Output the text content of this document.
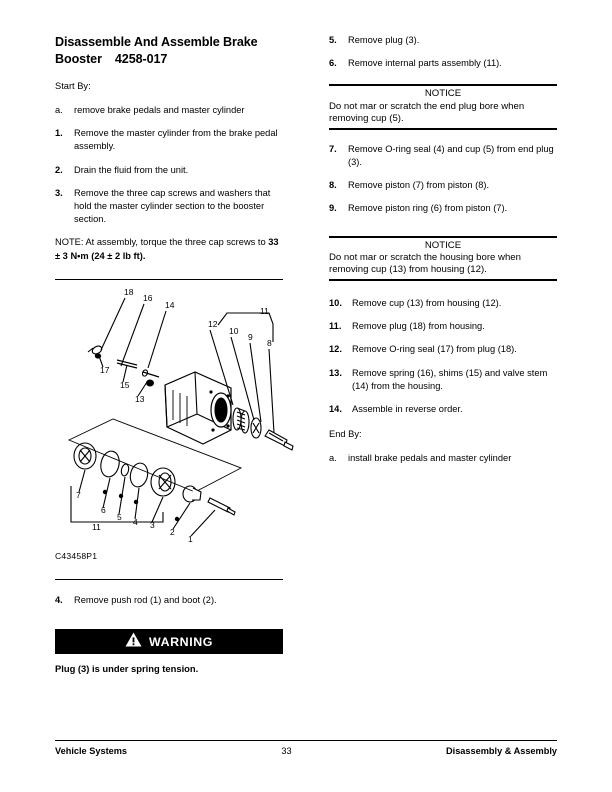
Disassemble And Assemble Brake
Booster 4258-017

Start By:

a. remove brake pedals and master cylinder
1. Remove the master cylinder from the brake pedal assembly.
2. Drain the fluid from the unit.
3. Remove the three cap screws and washers that hold the master cylinder section to the booster section.

NOTE: At assembly, torque the three cap screws to 33 ± 3 N•m (24 ± 2 lb ft).

18
16
14
17
15
13
12
10
9
8
11
7
6
5 4 3
2
1
11

C43458P1

4. Remove push rod (1) and boot (2).
WARNING

Plug (3) is under spring tension.

5. Remove plug (3).
6. Remove internal parts assembly (11).
NOTICE
Do not mar or scratch the end plug bore when removing cup (5).
7. Remove O-ring seal (4) and cup (5) from end plug (3).
8. Remove piston (7) from piston (8).
9. Remove piston ring (6) from piston (7).
NOTICE
Do not mar or scratch the housing bore when removing cup (13) from housing (12).
10. Remove cup (13) from housing (12).
11. Remove plug (18) from housing.
12. Remove O-ring seal (17) from plug (18).
13. Remove spring (16), shims (15) and valve stem (14) from the housing.
14. Assemble in reverse order.

End By:

a. install brake pedals and master cylinder
Vehicle Systems	33	Disassembly & Assembly
